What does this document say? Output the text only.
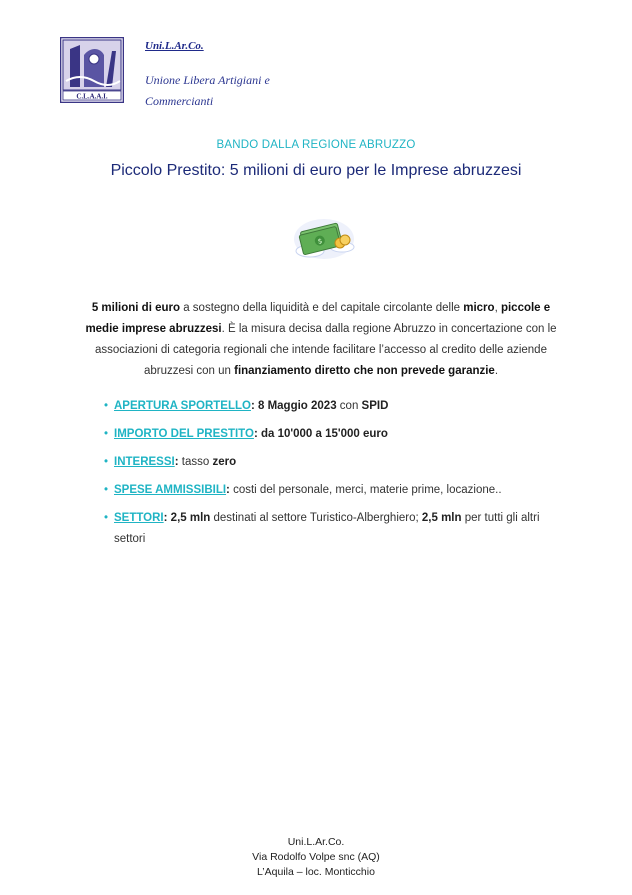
C.L.A.A.I.
Uni.L.Ar.Co.
Unione Libera Artigiani e Commercianti
BANDO DALLA REGIONE ABRUZZO
Piccolo Prestito: 5 milioni di euro per le Imprese abruzzesi
$
5 milioni di euro a sostegno della liquidità e del capitale circolante delle micro, piccole e medie imprese abruzzesi. È la misura decisa dalla regione Abruzzo in concertazione con le associazioni di categoria regionali che intende facilitare l’accesso al credito delle aziende abruzzesi con un finanziamento diretto che non prevede garanzie.
• APERTURA SPORTELLO: 8 Maggio 2023 con SPID
• IMPORTO DEL PRESTITO: da 10'000 a 15'000 euro
• INTERESSI: tasso zero
• SPESE AMMISSIBILI: costi del personale, merci, materie prime, locazione..
• SETTORI: 2,5 mln destinati al settore Turistico-Alberghiero; 2,5 mln per tutti gli altri settori
Uni.L.Ar.Co.
Via Rodolfo Volpe snc (AQ)
L’Aquila – loc. Monticchio
